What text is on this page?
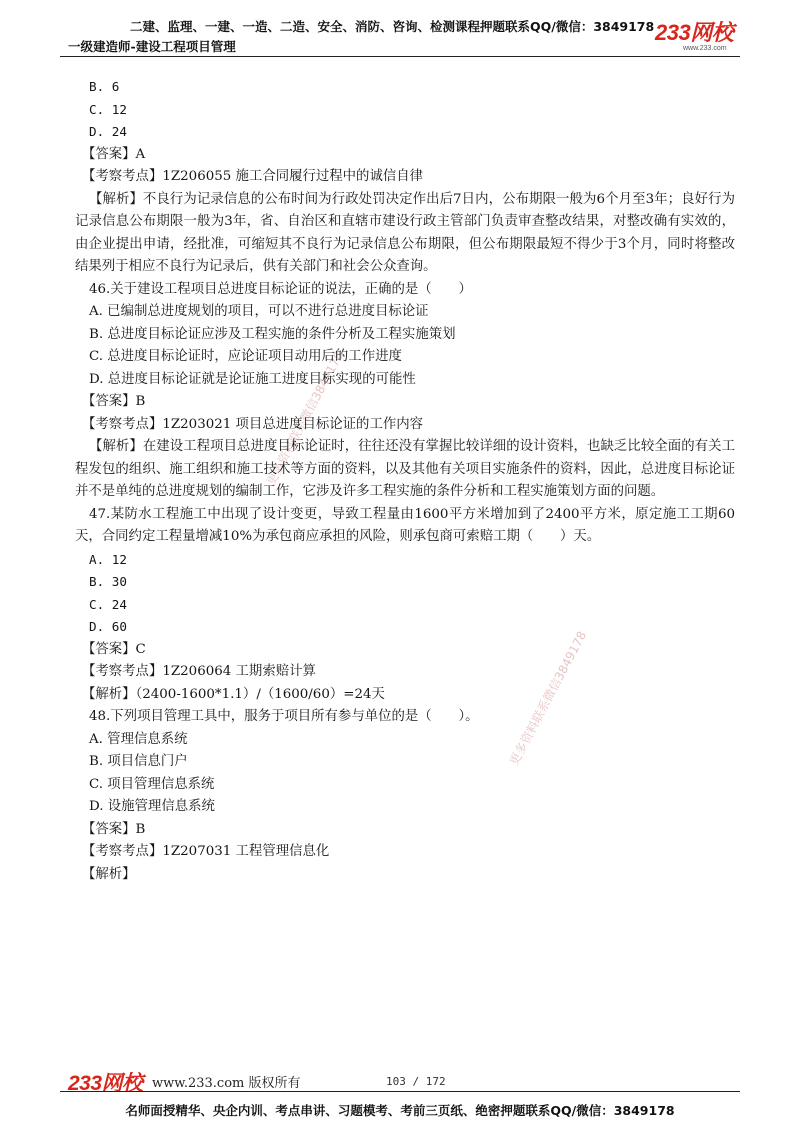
二建、监理、一建、一造、二造、安全、消防、咨询、检测课程押题联系QQ/微信：3849178
一级建造师-建设工程项目管理
233网校
www.233.com
更多资料联系微信3849178
更多资料联系微信3849178

B. 6

C. 12

D. 24

【答案】A

【考察考点】1Z206055 施工合同履行过程中的诚信自律

【解析】不良行为记录信息的公布时间为行政处罚决定作出后7日内，公布期限一般为6个月至3年；良好行为记录信息公布期限一般为3年，省、自治区和直辖市建设行政主管部门负责审查整改结果，对整改确有实效的，由企业提出申请，经批准，可缩短其不良行为记录信息公布期限，但公布期限最短不得少于3个月，同时将整改结果列于相应不良行为记录后，供有关部门和社会公众查询。

46.关于建设工程项目总进度目标论证的说法，正确的是（　　）

A. 已编制总进度规划的项目，可以不进行总进度目标论证

B. 总进度目标论证应涉及工程实施的条件分析及工程实施策划

C. 总进度目标论证时，应论证项目动用后的工作进度

D. 总进度目标论证就是论证施工进度目标实现的可能性

【答案】B

【考察考点】1Z203021 项目总进度目标论证的工作内容

【解析】在建设工程项目总进度目标论证时，往往还没有掌握比较详细的设计资料，也缺乏比较全面的有关工程发包的组织、施工组织和施工技术等方面的资料，以及其他有关项目实施条件的资料，因此，总进度目标论证并不是单纯的总进度规划的编制工作，它涉及许多工程实施的条件分析和工程实施策划方面的问题。

47.某防水工程施工中出现了设计变更，导致工程量由1600平方米增加到了2400平方米，原定施工工期60天，合同约定工程量增减10%为承包商应承担的风险，则承包商可索赔工期（　　）天。

A. 12

B. 30

C. 24

D. 60

【答案】C

【考察考点】1Z206064 工期索赔计算

【解析】（2400-1600*1.1）/（1600/60）=24天

48.下列项目管理工具中，服务于项目所有参与单位的是（　　）。

A. 管理信息系统

B. 项目信息门户

C. 项目管理信息系统

D. 设施管理信息系统

【答案】B

【考察考点】1Z207031 工程管理信息化

【解析】

233网校 www.233.com 版权所有	103 / 172
名师面授精华、央企内训、考点串讲、习题模考、考前三页纸、绝密押题联系QQ/微信：3849178
